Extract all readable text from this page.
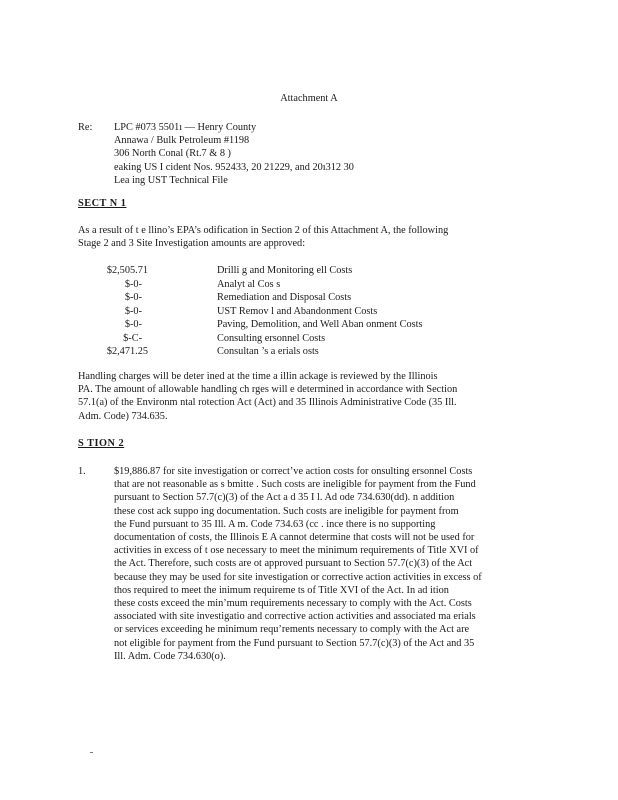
Attachment A
Re: LPC #073 5501ı — Henry County
Annawa / Bulk Petroleum #1198
306 North Conal (Rt.7 & 8 )
eaking US I cident Nos. 952433, 20 21229, and 20ı312 30
Lea ing UST Technical File
SECT N 1
As a result of t e llino’s EPA’s odification in Section 2 of this Attachment A, the following
Stage 2 and 3 Site Investigation amounts are approved:
$2,505.71	Drilli g and Monitoring ell Costs
$-0-	Analyt al Cos s
$-0-	Remediation and Disposal Costs
$-0-	UST Remov l and Abandonment Costs
$-0-	Paving, Demolition, and Well Aban onment Costs
$-C-	Consulting ersonnel Costs
$2,471.25	Consultan ’s a erials osts
Handling charges will be deter ined at the time a illin ackage is reviewed by the Illinois
PA. The amount of allowable handling ch rges will e determined in accordance with Section
57.1(a) of the Environm ntal rotection Act (Act) and 35 Illinois Administrative Code (35 Ill.
Adm. Code) 734.635.
S TION 2
1.	$19,886.87 for site investigation or correct’ve action costs for onsulting ersonnel Costs
that are not reasonable as s bmitte . Such costs are ineligible for payment from the Fund
pursuant to Section 57.7(c)(3) of the Act a d 35 I l. Ad ode 734.630(dd). n addition
these cost ack suppo ing documentation. Such costs are ineligible for payment from
the Fund pursuant to 35 Ill. A m. Code 734.63 (cc . ince there is no supporting
documentation of costs, the Illinois E A cannot determine that costs will not be used for
activities in excess of t ose necessary to meet the minimum requirements of Title XVI of
the Act. Therefore, such costs are ot approved pursuant to Section 57.7(c)(3) of the Act
because they may be used for site investigation or corrective action activities in excess of
thos required to meet the inimum requireme ts of Title XVI of the Act. In ad ition
these costs exceed the min’mum requirements necessary to comply with the Act. Costs
associated with site investigatio and corrective action activities and associated ma erials
or services exceeding he minimum requ’rements necessary to comply with the Act are
not eligible for payment from the Fund pursuant to Section 57.7(c)(3) of the Act and 35
Ill. Adm. Code 734.630(o).
